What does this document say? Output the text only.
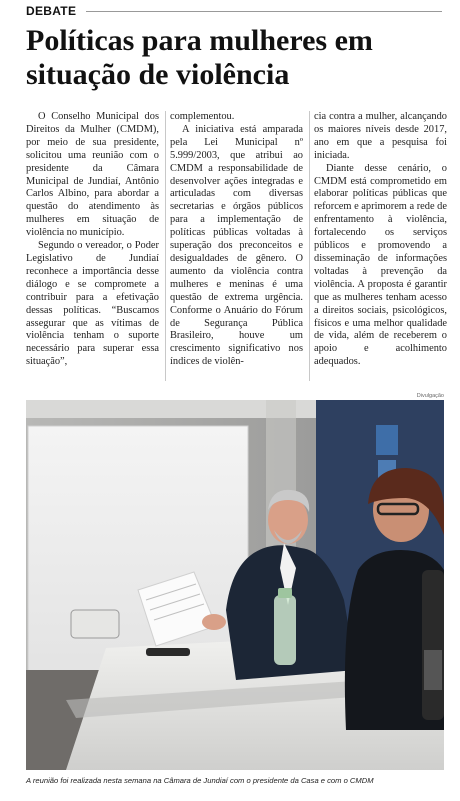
DEBATE
Políticas para mulheres em situação de violência

O Conselho Municipal dos Direitos da Mulher (CMDM), por meio de sua presidente, solicitou uma reunião com o presidente da Câmara Municipal de Jundiaí, Antônio Carlos Albino, para abordar a questão do atendimento às mulheres em situação de violência no município.

Segundo o vereador, o Poder Legislativo de Jundiaí reconhece a importância desse diálogo e se compromete a contribuir para a efetivação dessas políticas. “Buscamos assegurar que as vítimas de violência tenham o suporte necessário para superar essa situação”,

complementou.

A iniciativa está amparada pela Lei Municipal nº 5.999/2003, que atribui ao CMDM a responsabilidade de desenvolver ações integradas e articuladas com diversas secretarias e órgãos públicos para a implementação de políticas públicas voltadas à superação dos preconceitos e desigualdades de gênero. O aumento da violência contra mulheres e meninas é uma questão de extrema urgência. Conforme o Anuário do Fórum de Segurança Pública Brasileiro, houve um crescimento significativo nos índices de violên-

cia contra a mulher, alcançando os maiores níveis desde 2017, ano em que a pesquisa foi iniciada.

Diante desse cenário, o CMDM está comprometido em elaborar políticas públicas que reforcem e aprimorem a rede de enfrentamento à violência, fortalecendo os serviços públicos e promovendo a disseminação de informações voltadas à prevenção da violência. A proposta é garantir que as mulheres tenham acesso a direitos sociais, psicológicos, físicos e uma melhor qualidade de vida, além de receberem o apoio e acolhimento adequados.

Divulgação
A reunião foi realizada nesta semana na Câmara de Jundiaí com o presidente da Casa e com o CMDM
